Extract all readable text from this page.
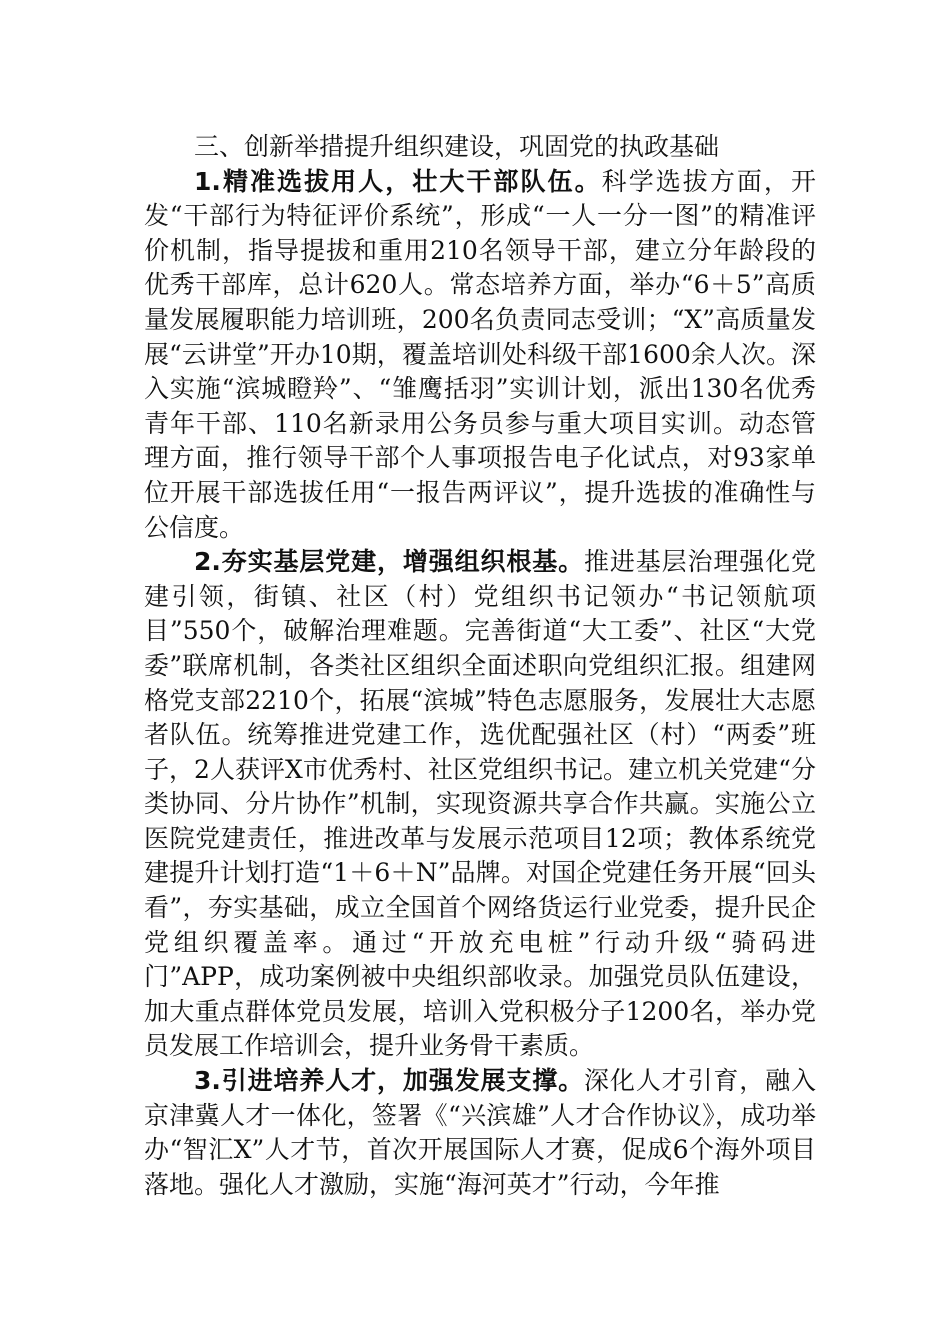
三、创新举措提升组织建设，巩固党的执政基础

1.精准选拔用人，壮大干部队伍。科学选拔方面，开发“干部行为特征评价系统”，形成“一人一分一图”的精准评价机制，指导提拔和重用210名领导干部，建立分年龄段的优秀干部库，总计620人。常态培养方面，举办“6＋5”高质量发展履职能力培训班，200名负责同志受训；“X”高质量发展“云讲堂”开办10期，覆盖培训处科级干部1600余人次。深入实施“滨城瞪羚”、“雏鹰括羽”实训计划，派出130名优秀青年干部、110名新录用公务员参与重大项目实训。动态管理方面，推行领导干部个人事项报告电子化试点，对93家单位开展干部选拔任用“一报告两评议”，提升选拔的准确性与公信度。

2.夯实基层党建，增强组织根基。推进基层治理强化党建引领，街镇、社区（村）党组织书记领办“书记领航项目”550个，破解治理难题。完善街道“大工委”、社区“大党委”联席机制，各类社区组织全面述职向党组织汇报。组建网格党支部2210个，拓展“滨城”特色志愿服务，发展壮大志愿者队伍。统筹推进党建工作，选优配强社区（村）“两委”班子，2人获评X市优秀村、社区党组织书记。建立机关党建“分类协同、分片协作”机制，实现资源共享合作共赢。实施公立医院党建责任，推进改革与发展示范项目12项；教体系统党建提升计划打造“1＋6＋N”品牌。对国企党建任务开展“回头看”，夯实基础，成立全国首个网络货运行业党委，提升民企党组织覆盖率。通过“开放充电桩”行动升级“骑码进门”APP，成功案例被中央组织部收录。加强党员队伍建设，加大重点群体党员发展，培训入党积极分子1200名，举办党员发展工作培训会，提升业务骨干素质。

3.引进培养人才，加强发展支撑。深化人才引育，融入京津冀人才一体化，签署《“兴滨雄”人才合作协议》，成功举办“智汇X”人才节，首次开展国际人才赛，促成6个海外项目落地。强化人才激励，实施“海河英才”行动，今年推
